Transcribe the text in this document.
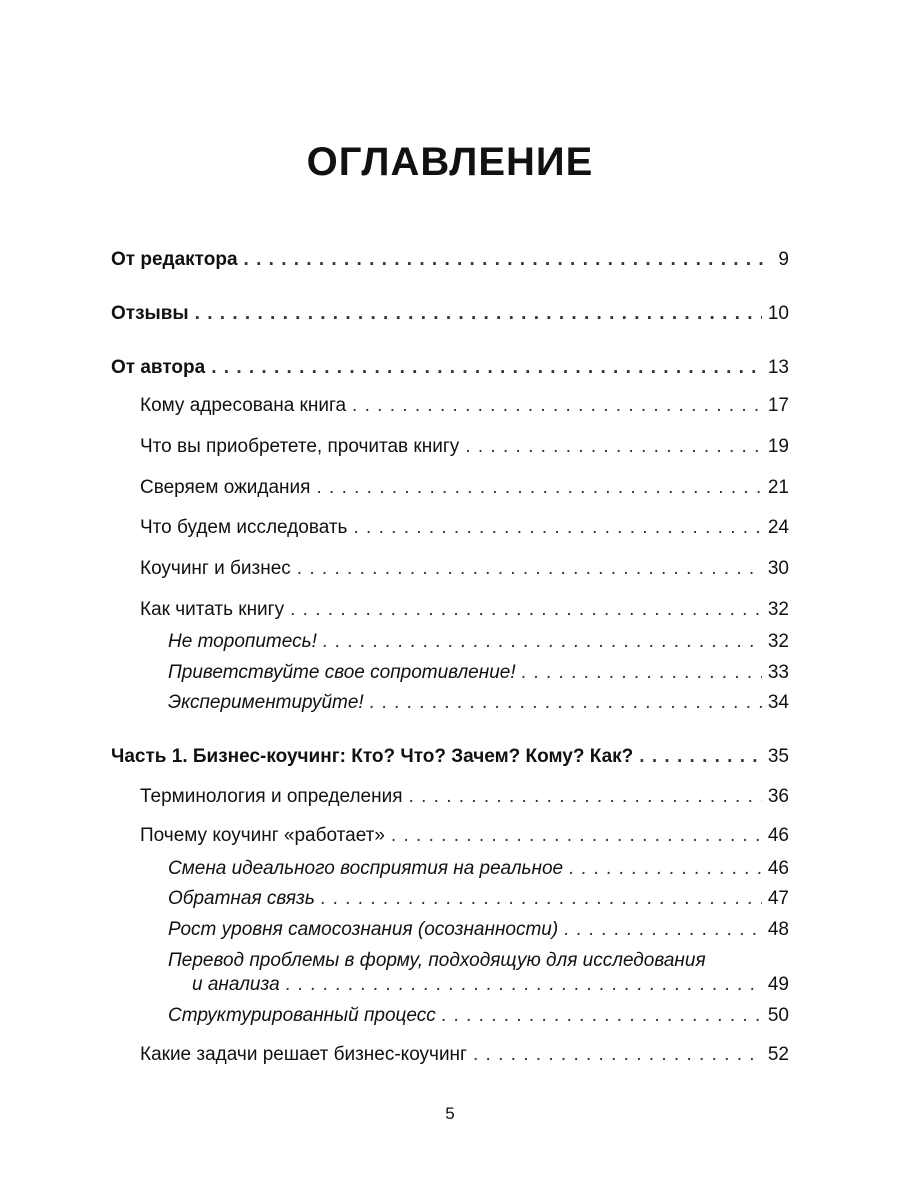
ОГЛАВЛЕНИЕ
От редактора . . .	9
Отзывы . . .	10
От автора . . .	13
Кому адресована книга . . .	17
Что вы приобретете, прочитав книгу . . .	19
Сверяем ожидания . . .	21
Что будем исследовать . . .	24
Коучинг и бизнес . . .	30
Как читать книгу . . .	32
Не торопитесь! . . .	32
Приветствуйте свое сопротивление! . . .	33
Экспериментируйте! . . .	34
Часть 1. Бизнес-коучинг: Кто? Что? Зачем? Кому? Как? . . .	35
Терминология и определения . . .	36
Почему коучинг «работает» . . .	46
Смена идеального восприятия на реальное . . .	46
Обратная связь . . .	47
Рост уровня самосознания (осознанности) . . .	48
Перевод проблемы в форму, подходящую для исследования
и анализа . . .	49
Структурированный процесс . . .	50
Какие задачи решает бизнес-коучинг . . .	52
5
